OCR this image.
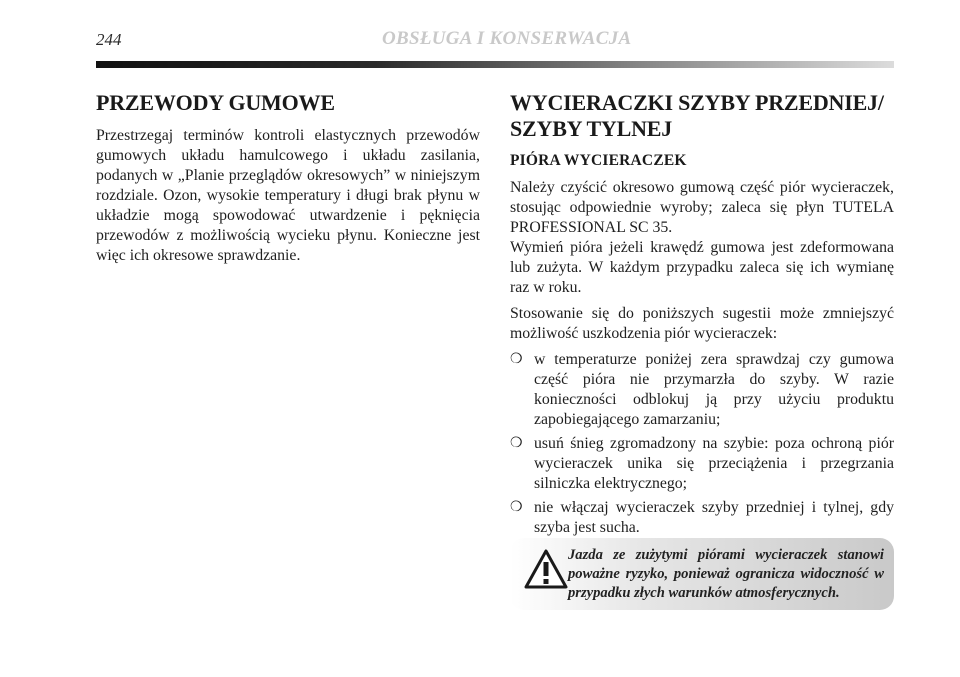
244	OBSŁUGA I KONSERWACJA
PRZEWODY GUMOWE

Przestrzegaj terminów kontroli elastycznych przewodów gumowych układu hamulcowego i układu zasilania, podanych w „Planie przeglądów okresowych” w niniejszym rozdziale. Ozon, wysokie temperatury i długi brak płynu w układzie mogą spowodować utwardzenie i pęknięcia przewodów z możliwością wycieku płynu. Konieczne jest więc ich okresowe sprawdzanie.

WYCIERACZKI SZYBY PRZEDNIEJ/ SZYBY TYLNEJ
PIÓRA WYCIERACZEK

Należy czyścić okresowo gumową część piór wycieraczek, stosując odpowiednie wyroby; zaleca się płyn TUTELA PROFESSIONAL SC 35.

Wymień pióra jeżeli krawędź gumowa jest zdeformowana lub zużyta. W każdym przypadku zaleca się ich wymianę raz w roku.

Stosowanie się do poniższych sugestii może zmniejszyć możliwość uszkodzenia piór wycieraczek:

❍ w temperaturze poniżej zera sprawdzaj czy gumowa część pióra nie przymarzła do szyby. W razie konieczności odblokuj ją przy użyciu produktu zapobiegającego zamarzaniu;
❍ usuń śnieg zgromadzony na szybie: poza ochroną piór wycieraczek unika się przeciążenia i przegrzania silniczka elektrycznego;
❍ nie włączaj wycieraczek szyby przedniej i tylnej, gdy szyba jest sucha.
Jazda ze zużytymi piórami wycieraczek stanowi poważne ryzyko, ponieważ ogranicza widoczność w przypadku złych warunków atmosferycznych.
